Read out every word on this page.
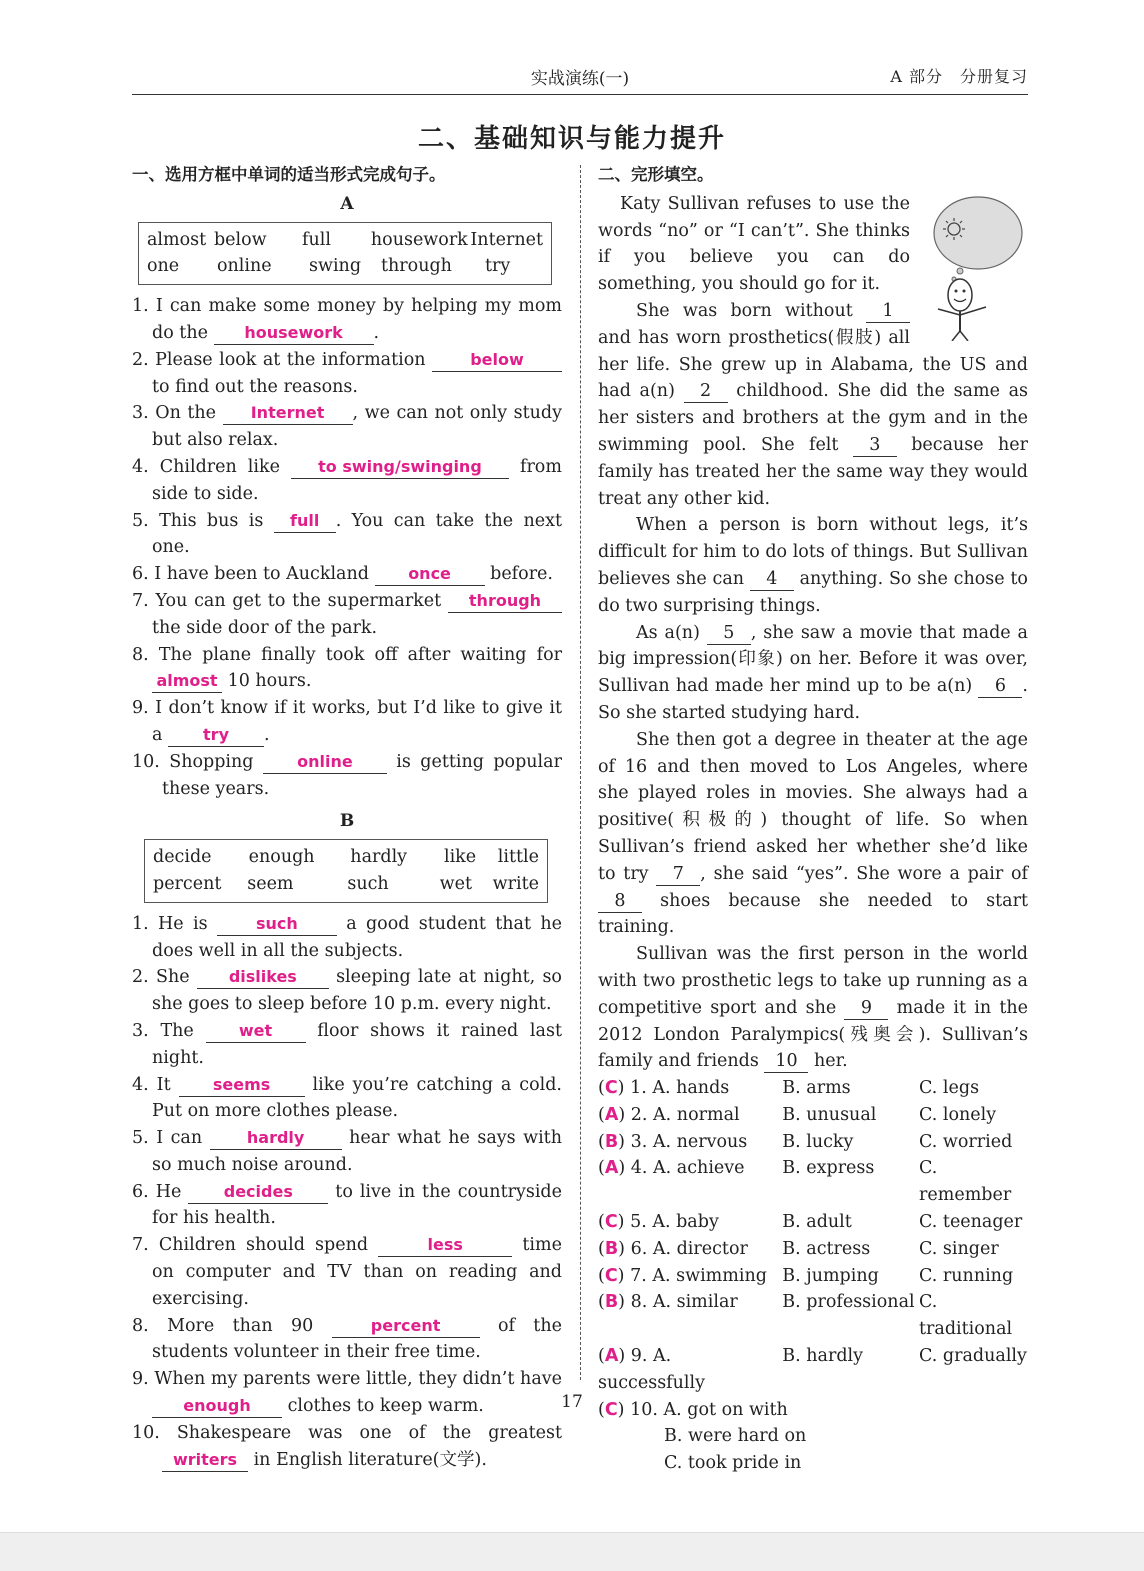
实战演练(一)	A 部分　分册复习
二、基础知识与能力提升
一、选用方框中单词的适当形式完成句子。
A
almost below	full	housework Internet
one	online	swing	through	try

1. I can make some money by helping my mom do the housework .

2. Please look at the information	below to find out the reasons.

3. On the Internet , we can not only study but also relax.

4. Children like to swing/swinging from side to side.

5. This bus is full . You can take the next one.

6. I have been to Auckland once before.

7. You can get to the supermarket through the side door of the park.

8. The plane finally took off after waiting for almost 10 hours.

9. I don’t know if it works, but I’d like to give it a	try .

10. Shopping	online is getting popular these years.

B
decide	enough	hardly	like	little
percent	seem	such	wet	write

1. He is	such	a good student that he does well in all the subjects.

2. She dislikes sleeping late at night, so she goes to sleep before 10 p.m. every night.

3. The	wet	floor shows it rained last night.

4. It	seems like you’re catching a cold. Put on more clothes please.

5. I can	hardly	hear what he says with so much noise around.

6. He	decides to live in the countryside for his health.

7. Children should spend	less	time on computer and TV than on reading and exercising.

8. More than 90	percent	of the students volunteer in their free time.

9. When my parents were little, they didn’t have enough clothes to keep warm.

10. Shakespeare was one of the greatest writers in English literature(文学).

二、完形填空。

Katy Sullivan refuses to use the words “no” or “I can’t”. She thinks if you believe you can do something, you should go for it.

She was born without 1 and has worn prosthetics(假肢) all her life. She grew up in Alabama, the US and had a(n) 2 childhood. She did the same as her sisters and brothers at the gym and in the swimming pool. She felt 3 because her family has treated her the same way they would treat any other kid.

When a person is born without legs, it’s difficult for him to do lots of things. But Sullivan believes she can 4 anything. So she chose to do two surprising things.

As a(n) 5 , she saw a movie that made a big impression(印象) on her. Before it was over, Sullivan had made her mind up to be a(n) 6 . So she started studying hard.

She then got a degree in theater at the age of 16 and then moved to Los Angeles, where she played roles in movies. She always had a positive(积极的) thought of life. So when Sullivan’s friend asked her whether she’d like to try 7 , she said “yes”. She wore a pair of 8 shoes because she needed to start training.

Sullivan was the first person in the world with two prosthetic legs to take up running as a competitive sport and she 9 made it in the 2012 London Paralympics(残奥会). Sullivan’s family and friends 10 her.

(C) 1. A. hands	B. arms	C. legs
(A) 2. A. normal	B. unusual	C. lonely
(B) 3. A. nervous	B. lucky	C. worried
(A) 4. A. achieve	B. express	C. remember
(C) 5. A. baby	B. adult	C. teenager
(B) 6. A. director	B. actress	C. singer
(C) 7. A. swimming B. jumping	C. running
(B) 8. A. similar	B. professional C. traditional
(A) 9. A. successfully
B. hardly	C. gradually
(C) 10. A. got on with
B. were hard on
C. took pride in
17
